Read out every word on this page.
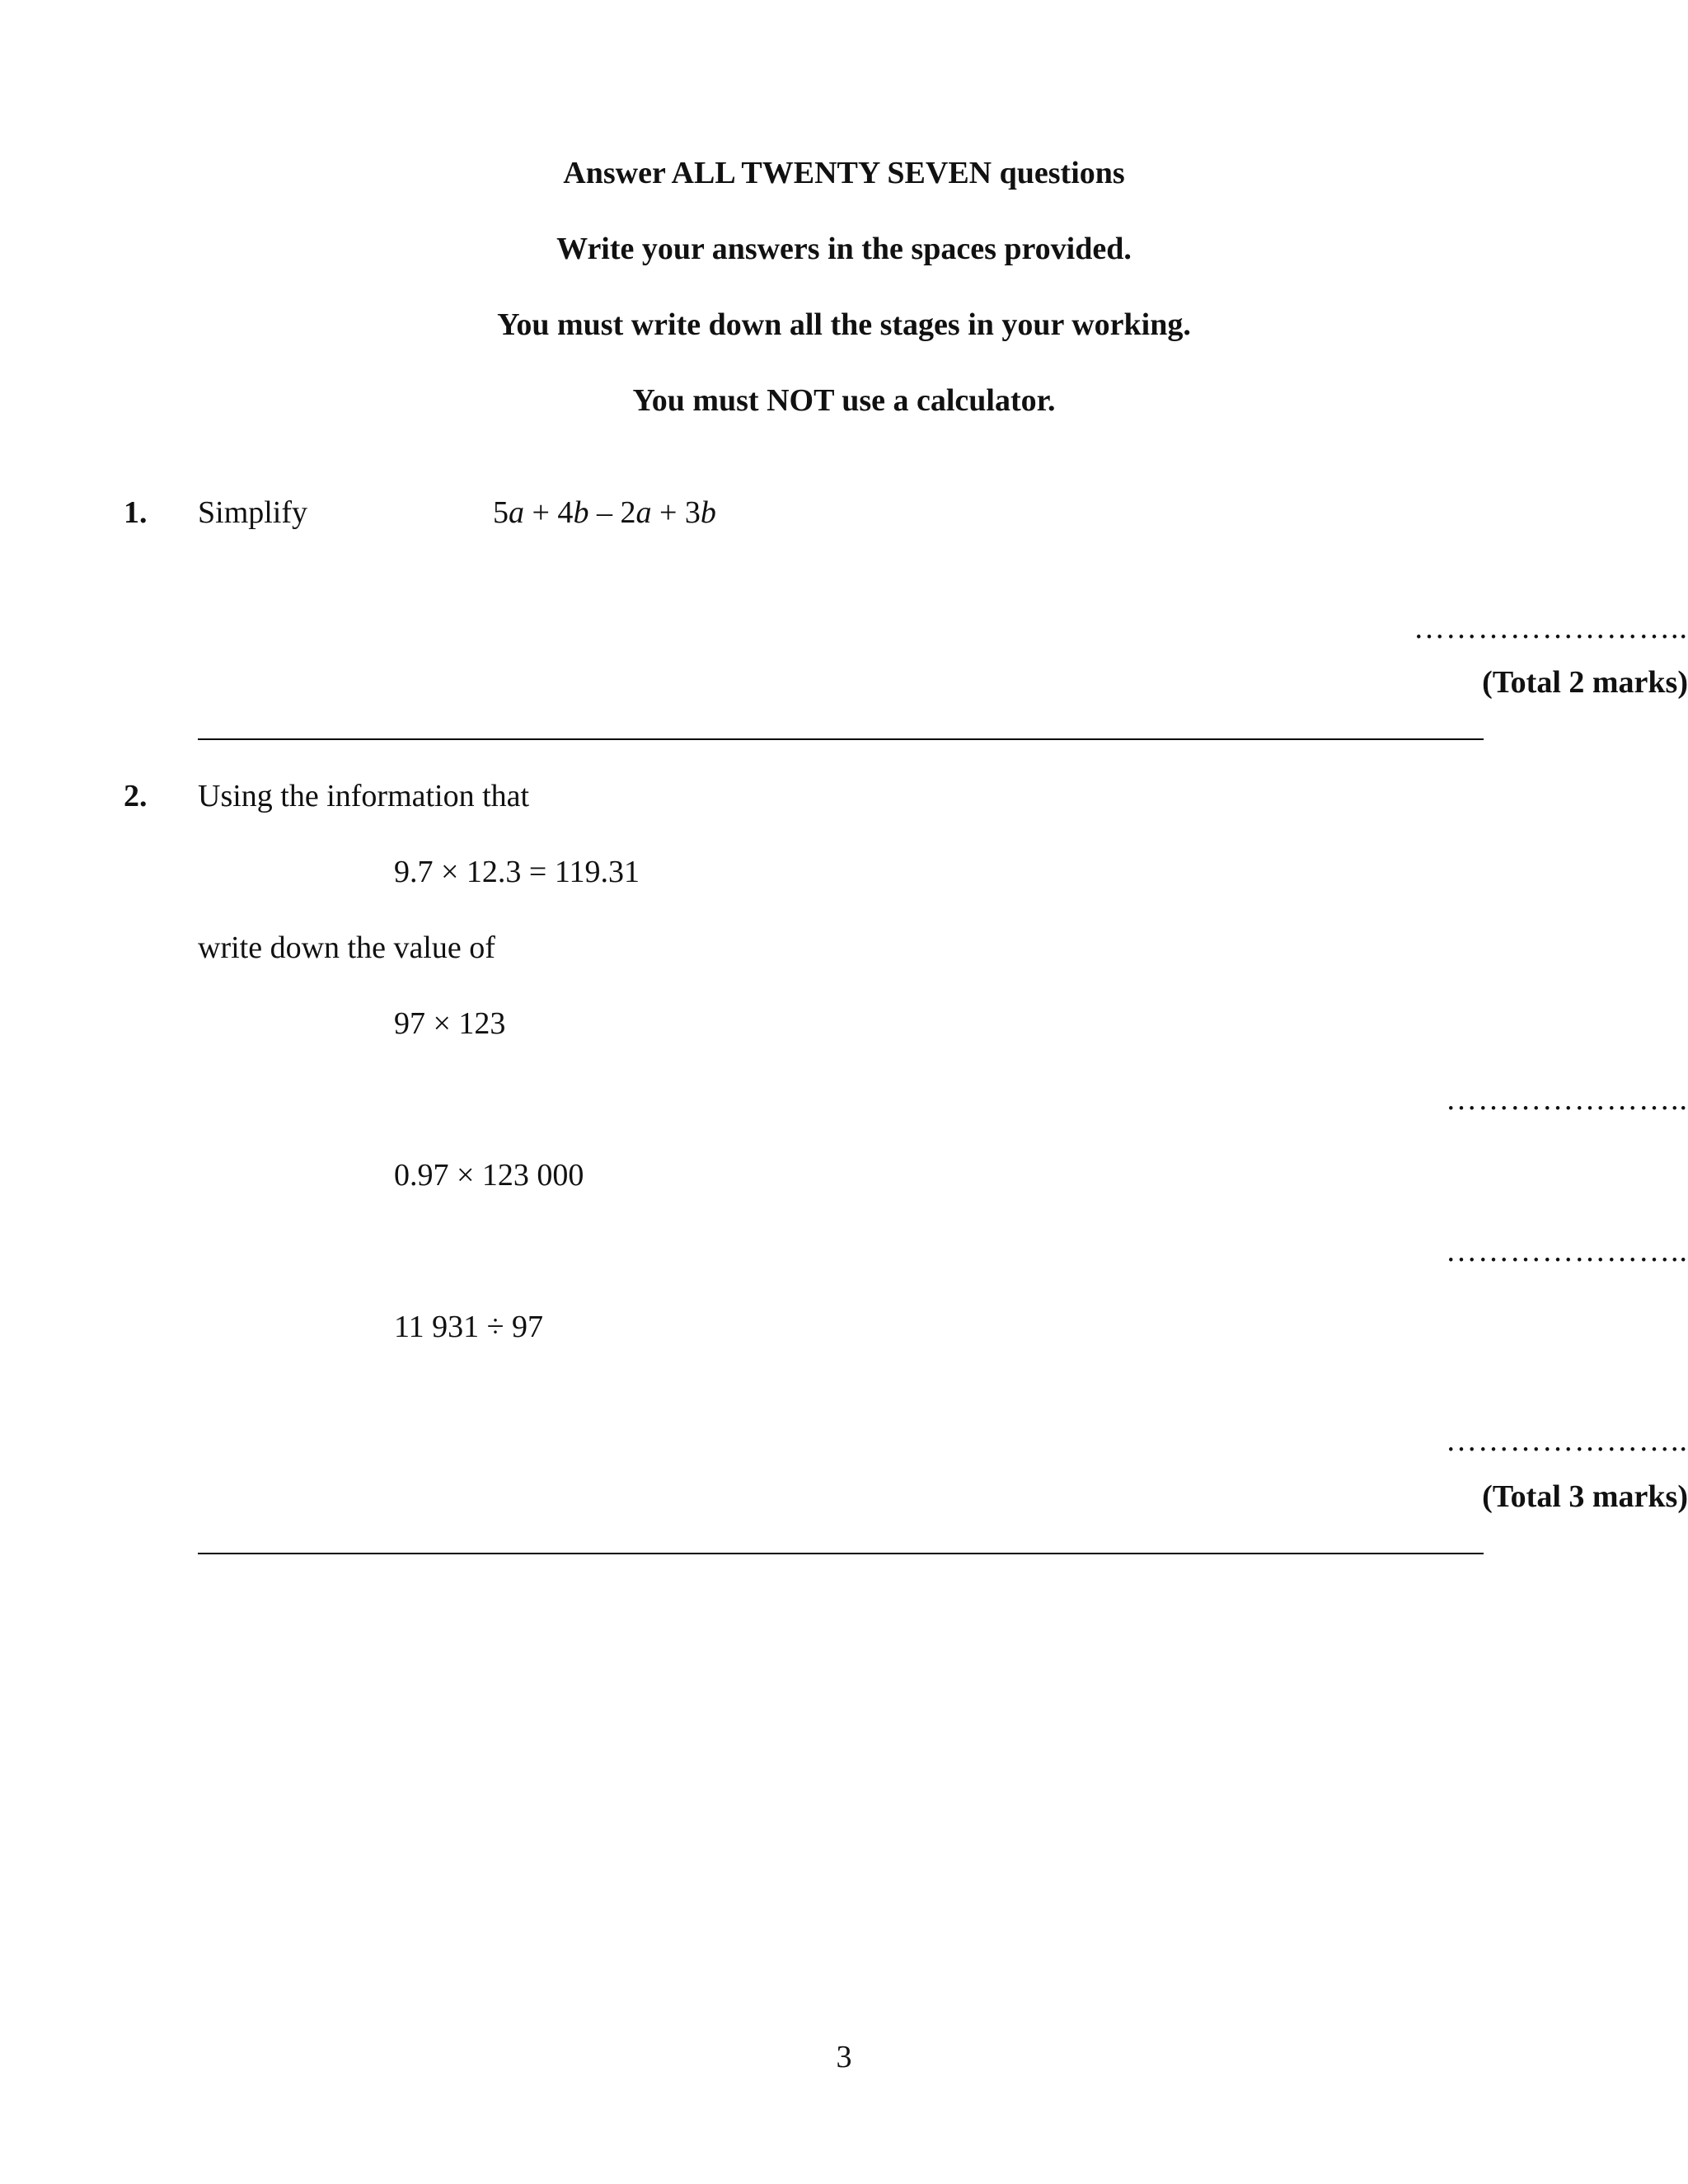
Answer ALL TWENTY SEVEN questions
Write your answers in the spaces provided.
You must write down all the stages in your working.
You must NOT use a calculator.
1. Simplify	5a + 4b – 2a + 3b
……………………..
(Total 2 marks)
2. Using the information that
9.7 × 12.3 = 119.31
write down the value of
97 × 123
…………………..
0.97 × 123 000
…………………..
11 931 ÷ 97
…………………..
(Total 3 marks)
3
